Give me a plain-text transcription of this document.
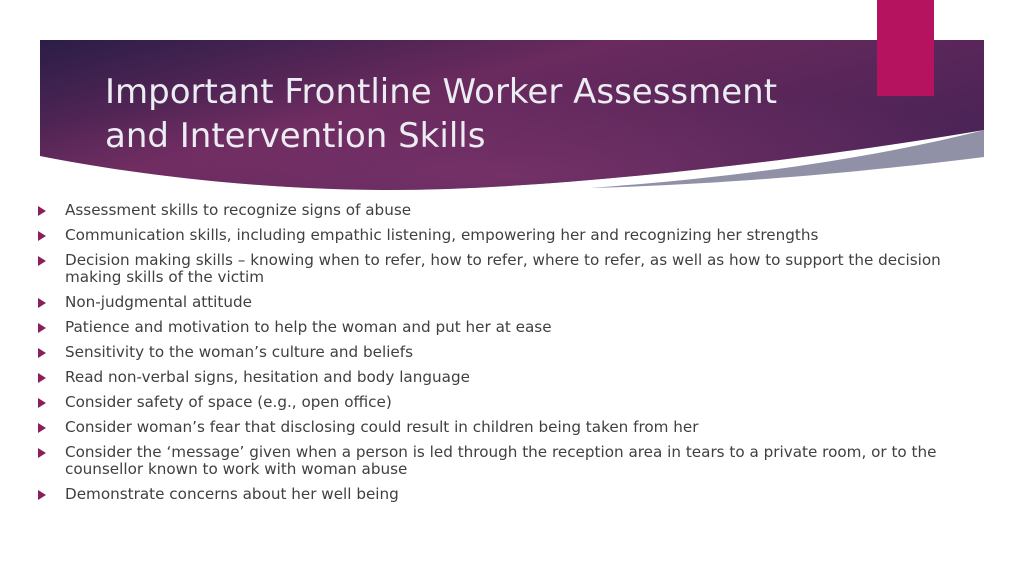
Important Frontline Worker Assessment
and Intervention Skills
Assessment skills to recognize signs of abuse
Communication skills, including empathic listening, empowering her and recognizing her strengths
Decision making skills – knowing when to refer, how to refer, where to refer, as well as how to support the decision making skills of the victim
Non-judgmental attitude
Patience and motivation to help the woman and put her at ease
Sensitivity to the woman’s culture and beliefs
Read non-verbal signs, hesitation and body language
Consider safety of space (e.g., open office)
Consider woman’s fear that disclosing could result in children being taken from her
Consider the ‘message’ given when a person is led through the reception area in tears to a private room, or to the counsellor known to work with woman abuse
Demonstrate concerns about her well being
